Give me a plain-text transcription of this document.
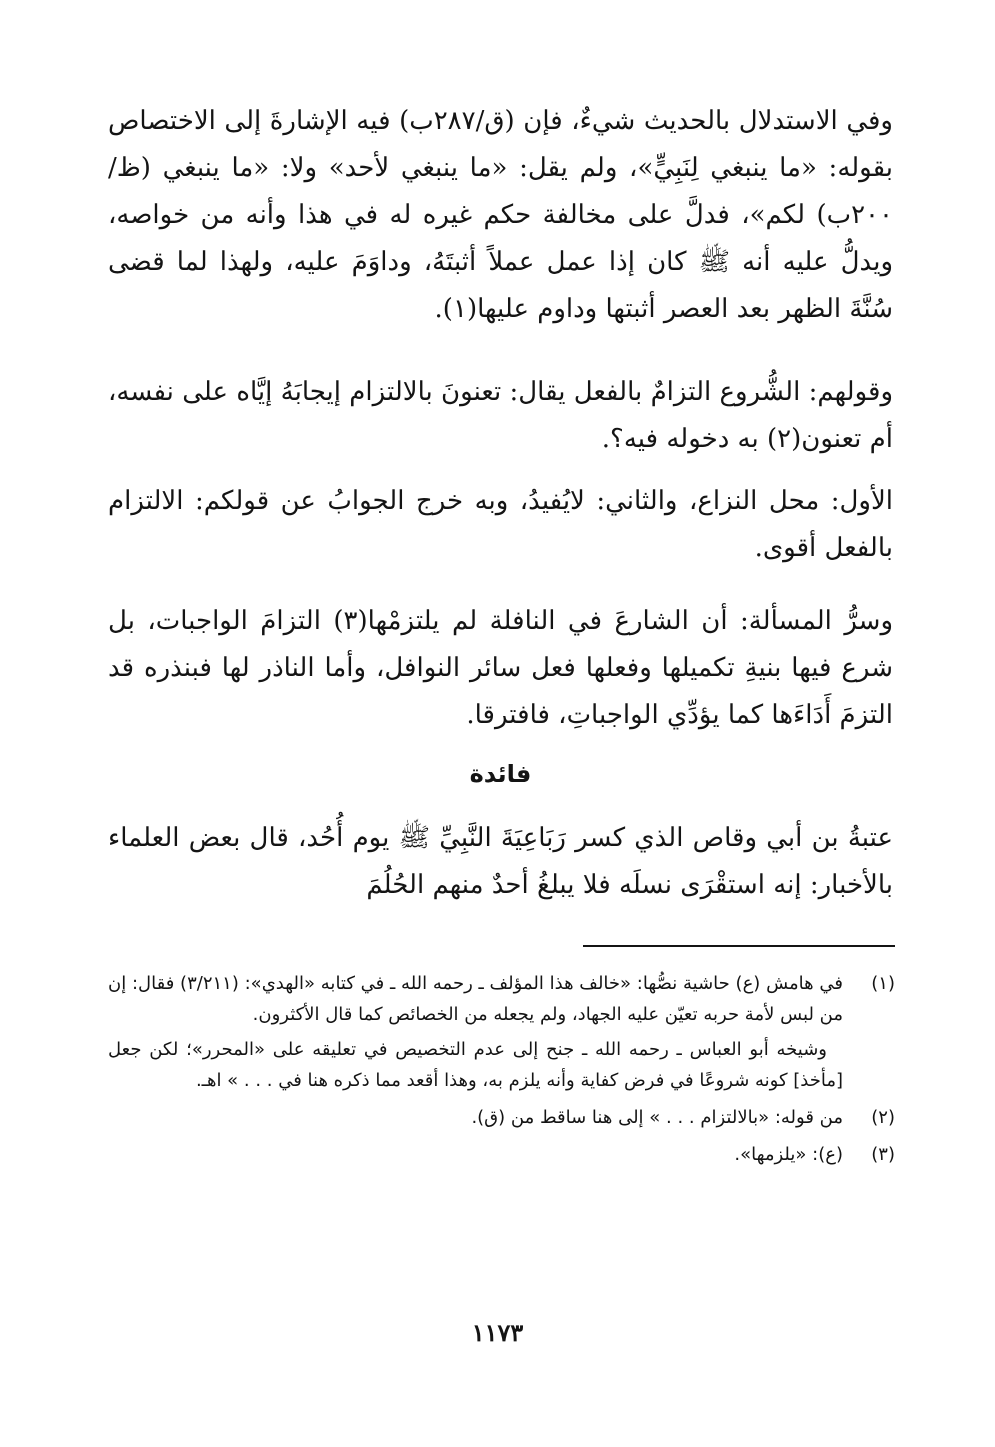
وفي الاستدلال بالحديث شيءٌ، فإن (ق/٢٨٧ب) فيه الإشارةَ إلى الاختصاص بقوله: «ما ينبغي لِنَبِيٍّ»، ولم يقل: «ما ينبغي لأحد» ولا: «ما ينبغي (ظ/٢٠٠ب) لكم»، فدلَّ على مخالفة حكم غيره له في هذا وأنه من خواصه، ويدلُّ عليه أنه ﷺ كان إذا عمل عملاً أثبتَهُ، وداوَمَ عليه، ولهذا لما قضى سُنَّةَ الظهر بعد العصر أثبتها وداوم عليها(١).

وقولهم: الشُّروع التزامٌ بالفعل يقال: تعنونَ بالالتزام إيجابَهُ إيَّاه على نفسه، أم تعنون(٢) به دخوله فيه؟.

الأول: محل النزاع، والثاني: لايُفيدُ، وبه خرج الجوابُ عن قولكم: الالتزام بالفعل أقوى.

وسرُّ المسألة: أن الشارعَ في النافلة لم يلتزمْها(٣) التزامَ الواجبات، بل شرع فيها بنيةِ تكميلها وفعلها فعل سائر النوافل، وأما الناذر لها فبنذره قد التزمَ أَدَاءَها كما يؤدِّي الواجباتِ، فافترقا.

فائدة

عتبةُ بن أبي وقاص الذي كسر رَبَاعِيَةَ النَّبِيِّ ﷺ يوم أُحُد، قال بعض العلماء بالأخبار: إنه استقْرَى نسلَه فلا يبلغُ أحدٌ منهم الحُلُمَ

(١)

في هامش (ع) حاشية نصُّها: «خالف هذا المؤلف ـ رحمه الله ـ في كتابه «الهدي»: (٣/٢١١) فقال: إن من لبس لأمة حربه تعيّن عليه الجهاد، ولم يجعله من الخصائص كما قال الأكثرون.

وشيخه أبو العباس ـ رحمه الله ـ جنح إلى عدم التخصيص في تعليقه على «المحرر»؛ لكن جعل [مأخذ] كونه شروعًا في فرض كفاية وأنه يلزم به، وهذا أقعد مما ذكره هنا في . . . » اهـ.

(٢)

من قوله: «بالالتزام . . . » إلى هنا ساقط من (ق).

(٣)

(ع): «يلزمها».

١١٧٣
